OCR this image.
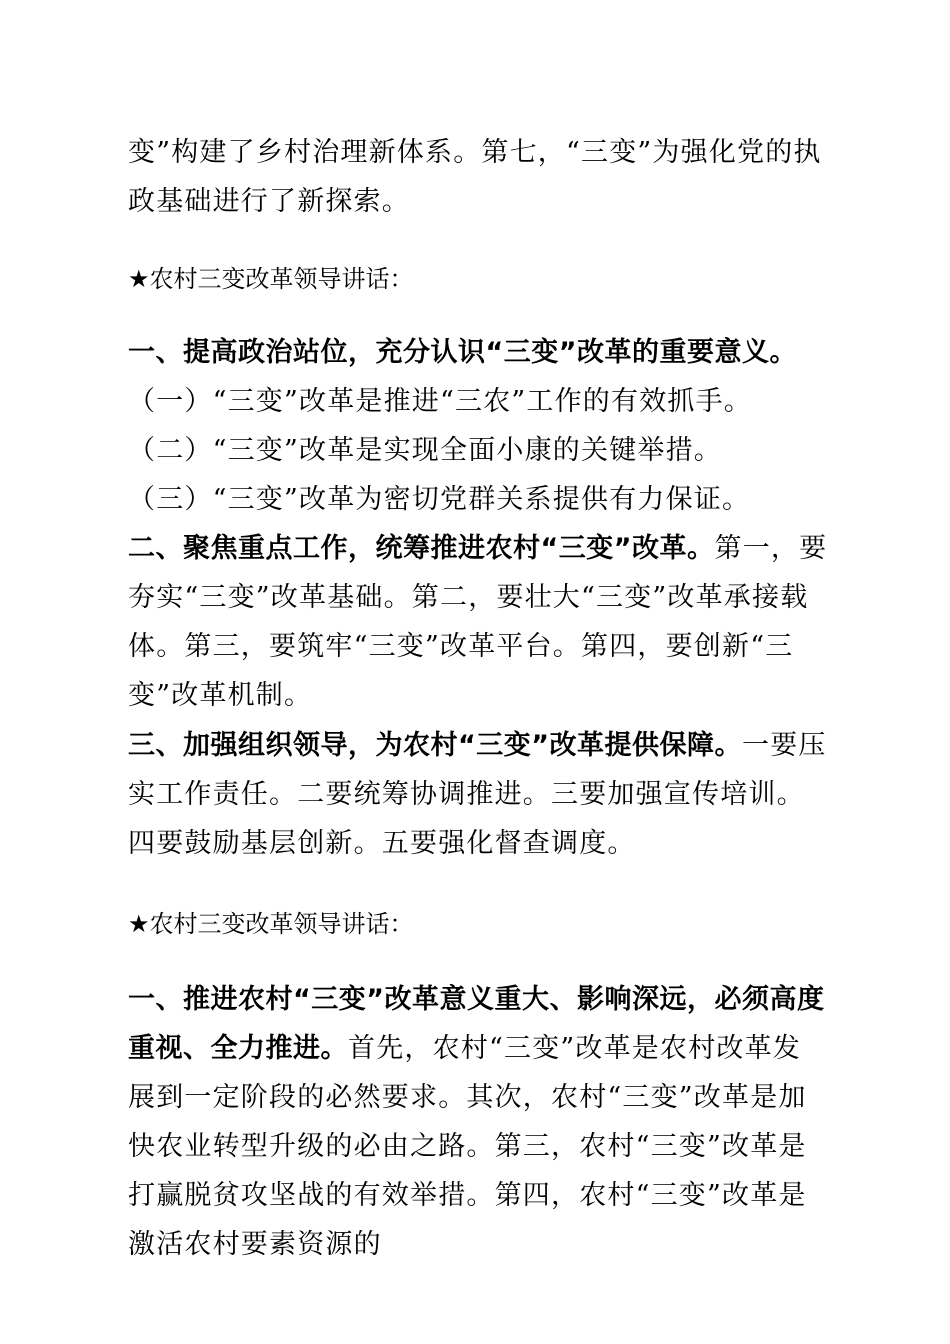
变”构建了乡村治理新体系。第七，“三变”为强化党的执政基础进行了新探索。

★农村三变改革领导讲话：

一、提高政治站位，充分认识“三变”改革的重要意义。（一）“三变”改革是推进“三农”工作的有效抓手。（二）“三变”改革是实现全面小康的关键举措。（三）“三变”改革为密切党群关系提供有力保证。

二、聚焦重点工作，统筹推进农村“三变”改革。第一，要夯实“三变”改革基础。第二，要壮大“三变”改革承接载体。第三，要筑牢“三变”改革平台。第四，要创新“三变”改革机制。

三、加强组织领导，为农村“三变”改革提供保障。一要压实工作责任。二要统筹协调推进。三要加强宣传培训。四要鼓励基层创新。五要强化督查调度。

★农村三变改革领导讲话：

一、推进农村“三变”改革意义重大、影响深远，必须高度重视、全力推进。首先，农村“三变”改革是农村改革发展到一定阶段的必然要求。其次，农村“三变”改革是加快农业转型升级的必由之路。第三，农村“三变”改革是打赢脱贫攻坚战的有效举措。第四，农村“三变”改革是激活农村要素资源的
